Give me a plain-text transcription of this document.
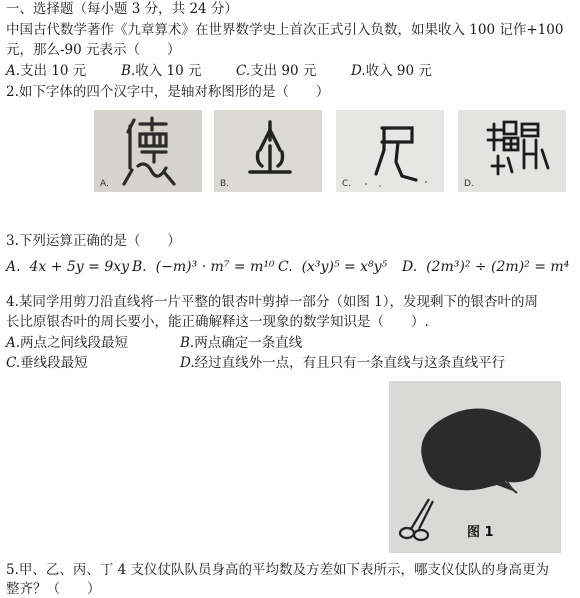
一、选择题（每小题 3 分，共 24 分）
中国古代数学著作《九章算术》在世界数学史上首次正式引入负数，如果收入 100 记作+100
元，那么-90 元表示（　　）
A.支出 10 元	B.收入 10 元	C.支出 90 元	D.收入 90 元
2.如下字体的四个汉字中，是轴对称图形的是（　　）
A.	B.	C.	D.
3.下列运算正确的是（　　）
A. 4x + 5y = 9xy B. (−m)³ · m⁷ = m¹⁰ C. (x³y)⁵ = x⁸y⁵ D. (2m³)² ÷ (2m)² = m⁴
4.某同学用剪刀沿直线将一片平整的银杏叶剪掉一部分（如图 1），发现剩下的银杏叶的周
长比原银杏叶的周长要小，能正确解释这一现象的数学知识是（　　）.
A.两点之间线段最短	B.两点确定一条直线
C.垂线段最短	D.经过直线外一点，有且只有一条直线与这条直线平行
图 1
5.甲、乙、丙、丁 4 支仪仗队队员身高的平均数及方差如下表所示，哪支仪仗队的身高更为
整齐？（　　）
